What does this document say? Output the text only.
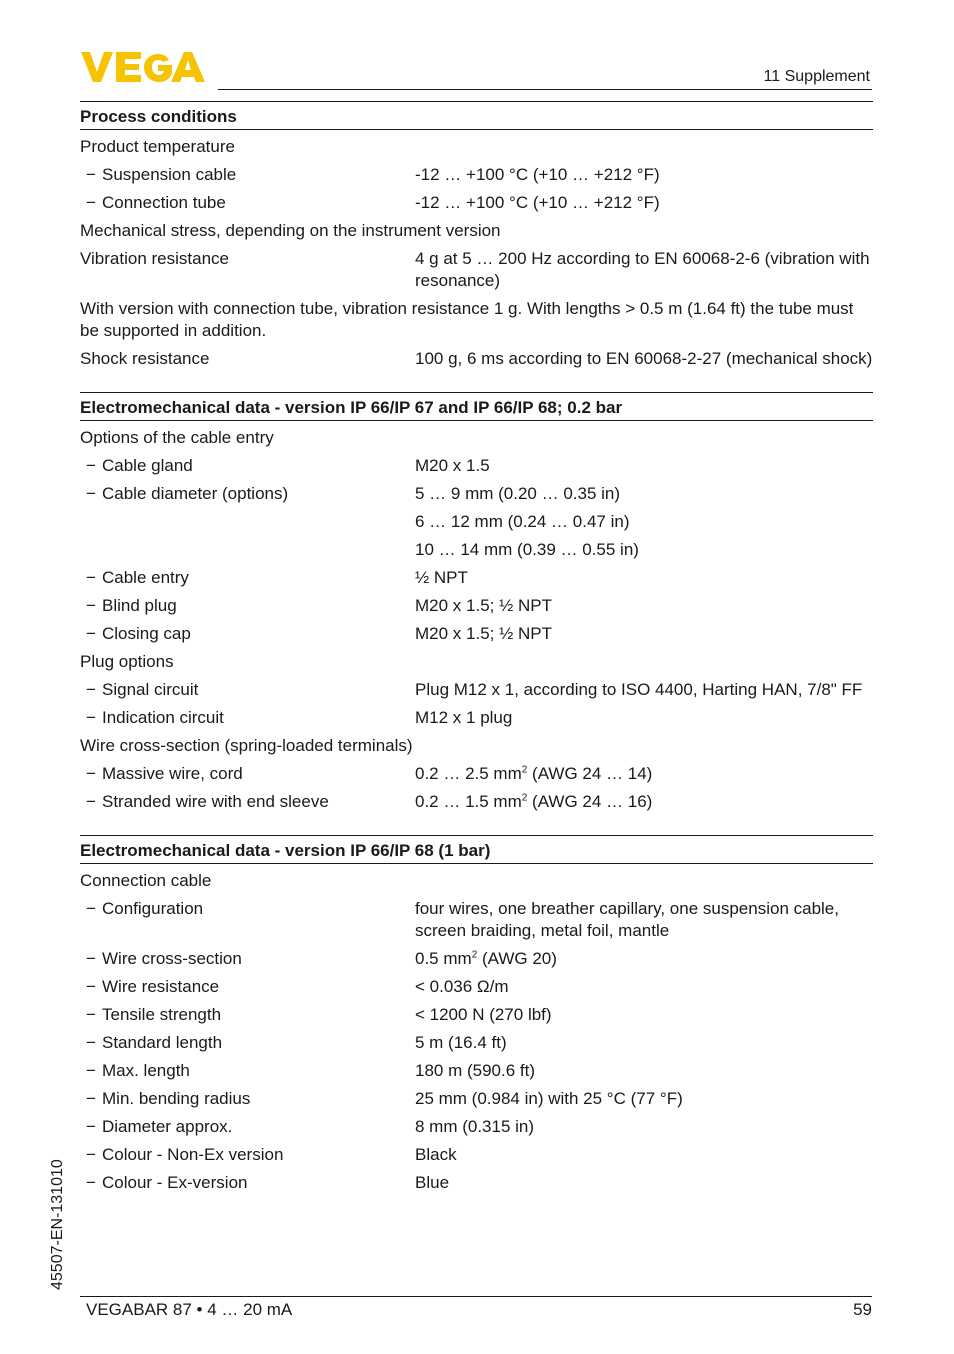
11 Supplement
Process conditions
Product temperature
− Suspension cable	-12 … +100 °C (+10 … +212 °F)
− Connection tube	-12 … +100 °C (+10 … +212 °F)
Mechanical stress, depending on the instrument version
Vibration resistance	4 g at 5 … 200 Hz according to EN 60068-2-6 (vibration with resonance)
With version with connection tube, vibration resistance 1 g. With lengths > 0.5 m (1.64 ft) the tube must be supported in addition.
Shock resistance	100 g, 6 ms according to EN 60068-2-27 (mechanical shock)
Electromechanical data - version IP 66/IP 67 and IP 66/IP 68; 0.2 bar
Options of the cable entry
− Cable gland	M20 x 1.5
− Cable diameter (options)	5 … 9 mm (0.20 … 0.35 in)
6 … 12 mm (0.24 … 0.47 in)
10 … 14 mm (0.39 … 0.55 in)
− Cable entry	½ NPT
− Blind plug	M20 x 1.5; ½ NPT
− Closing cap	M20 x 1.5; ½ NPT
Plug options
− Signal circuit	Plug M12 x 1, according to ISO 4400, Harting HAN, 7/8" FF
− Indication circuit	M12 x 1 plug
Wire cross-section (spring-loaded terminals)
− Massive wire, cord	0.2 … 2.5 $mm^2$ (AWG 24 … 14)
− Stranded wire with end sleeve	0.2 … 1.5 $mm^2$ (AWG 24 … 16)
Electromechanical data - version IP 66/IP 68 (1 bar)
Connection cable
− Configuration	four wires, one breather capillary, one suspension cable, screen braiding, metal foil, mantle
− Wire cross-section	0.5 $mm^2$ (AWG 20)
− Wire resistance	< 0.036 Ω/m
− Tensile strength	< 1200 N (270 lbf)
− Standard length	5 m (16.4 ft)
− Max. length	180 m (590.6 ft)
− Min. bending radius	25 mm (0.984 in) with 25 °C (77 °F)
− Diameter approx.	8 mm (0.315 in)
− Colour - Non-Ex version	Black
− Colour - Ex-version	Blue
45507-EN-131010
VEGABAR 87 • 4 … 20 mA	59
